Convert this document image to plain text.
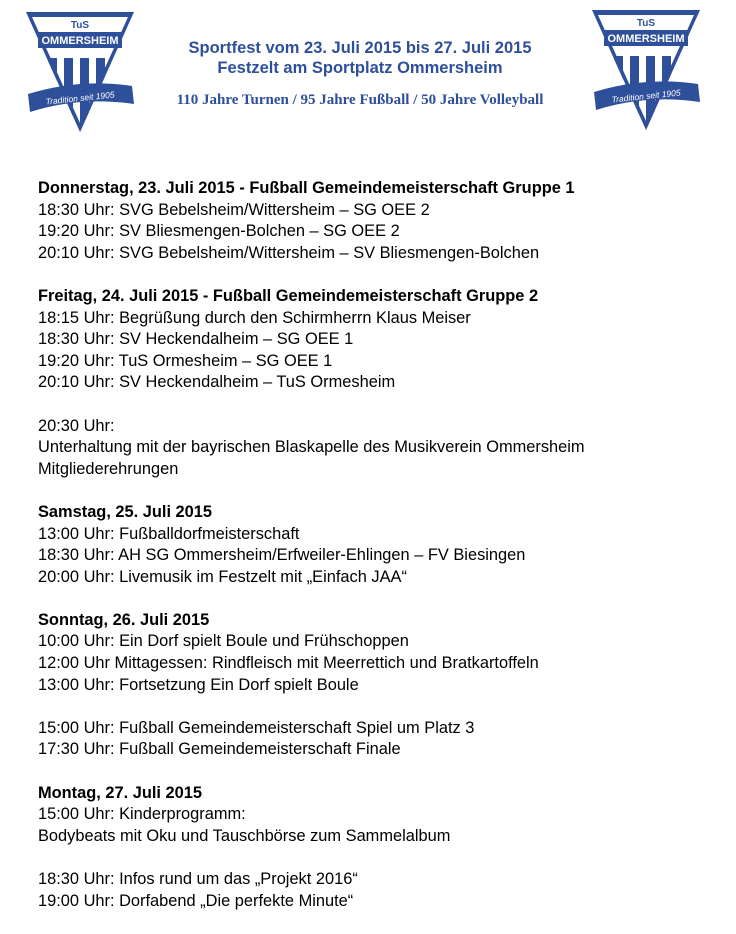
TuS
OMMERSHEIM
Tradition seit 1905
TuS
OMMERSHEIM
Tradition seit 1905
Sportfest vom 23. Juli 2015 bis 27. Juli 2015
Festzelt am Sportplatz Ommersheim
110 Jahre Turnen / 95 Jahre Fußball / 50 Jahre Volleyball
Donnerstag, 23. Juli 2015 - Fußball Gemeindemeisterschaft Gruppe 1
18:30 Uhr: SVG Bebelsheim/Wittersheim – SG OEE 2
19:20 Uhr: SV Bliesmengen-Bolchen – SG OEE 2
20:10 Uhr: SVG Bebelsheim/Wittersheim – SV Bliesmengen-Bolchen
Freitag, 24. Juli 2015 - Fußball Gemeindemeisterschaft Gruppe 2
18:15 Uhr: Begrüßung durch den Schirmherrn Klaus Meiser
18:30 Uhr: SV Heckendalheim – SG OEE 1
19:20 Uhr: TuS Ormesheim – SG OEE 1
20:10 Uhr: SV Heckendalheim – TuS Ormesheim
20:30 Uhr:
Unterhaltung mit der bayrischen Blaskapelle des Musikverein Ommersheim
Mitgliederehrungen
Samstag, 25. Juli 2015
13:00 Uhr: Fußballdorfmeisterschaft
18:30 Uhr: AH SG Ommersheim/Erfweiler-Ehlingen – FV Biesingen
20:00 Uhr: Livemusik im Festzelt mit „Einfach JAA“
Sonntag, 26. Juli 2015
10:00 Uhr: Ein Dorf spielt Boule und Frühschoppen
12:00 Uhr Mittagessen: Rindfleisch mit Meerrettich und Bratkartoffeln
13:00 Uhr: Fortsetzung Ein Dorf spielt Boule
15:00 Uhr: Fußball Gemeindemeisterschaft Spiel um Platz 3
17:30 Uhr: Fußball Gemeindemeisterschaft Finale
Montag, 27. Juli 2015
15:00 Uhr: Kinderprogramm:
Bodybeats mit Oku und Tauschbörse zum Sammelalbum
18:30 Uhr: Infos rund um das „Projekt 2016“
19:00 Uhr: Dorfabend „Die perfekte Minute“
